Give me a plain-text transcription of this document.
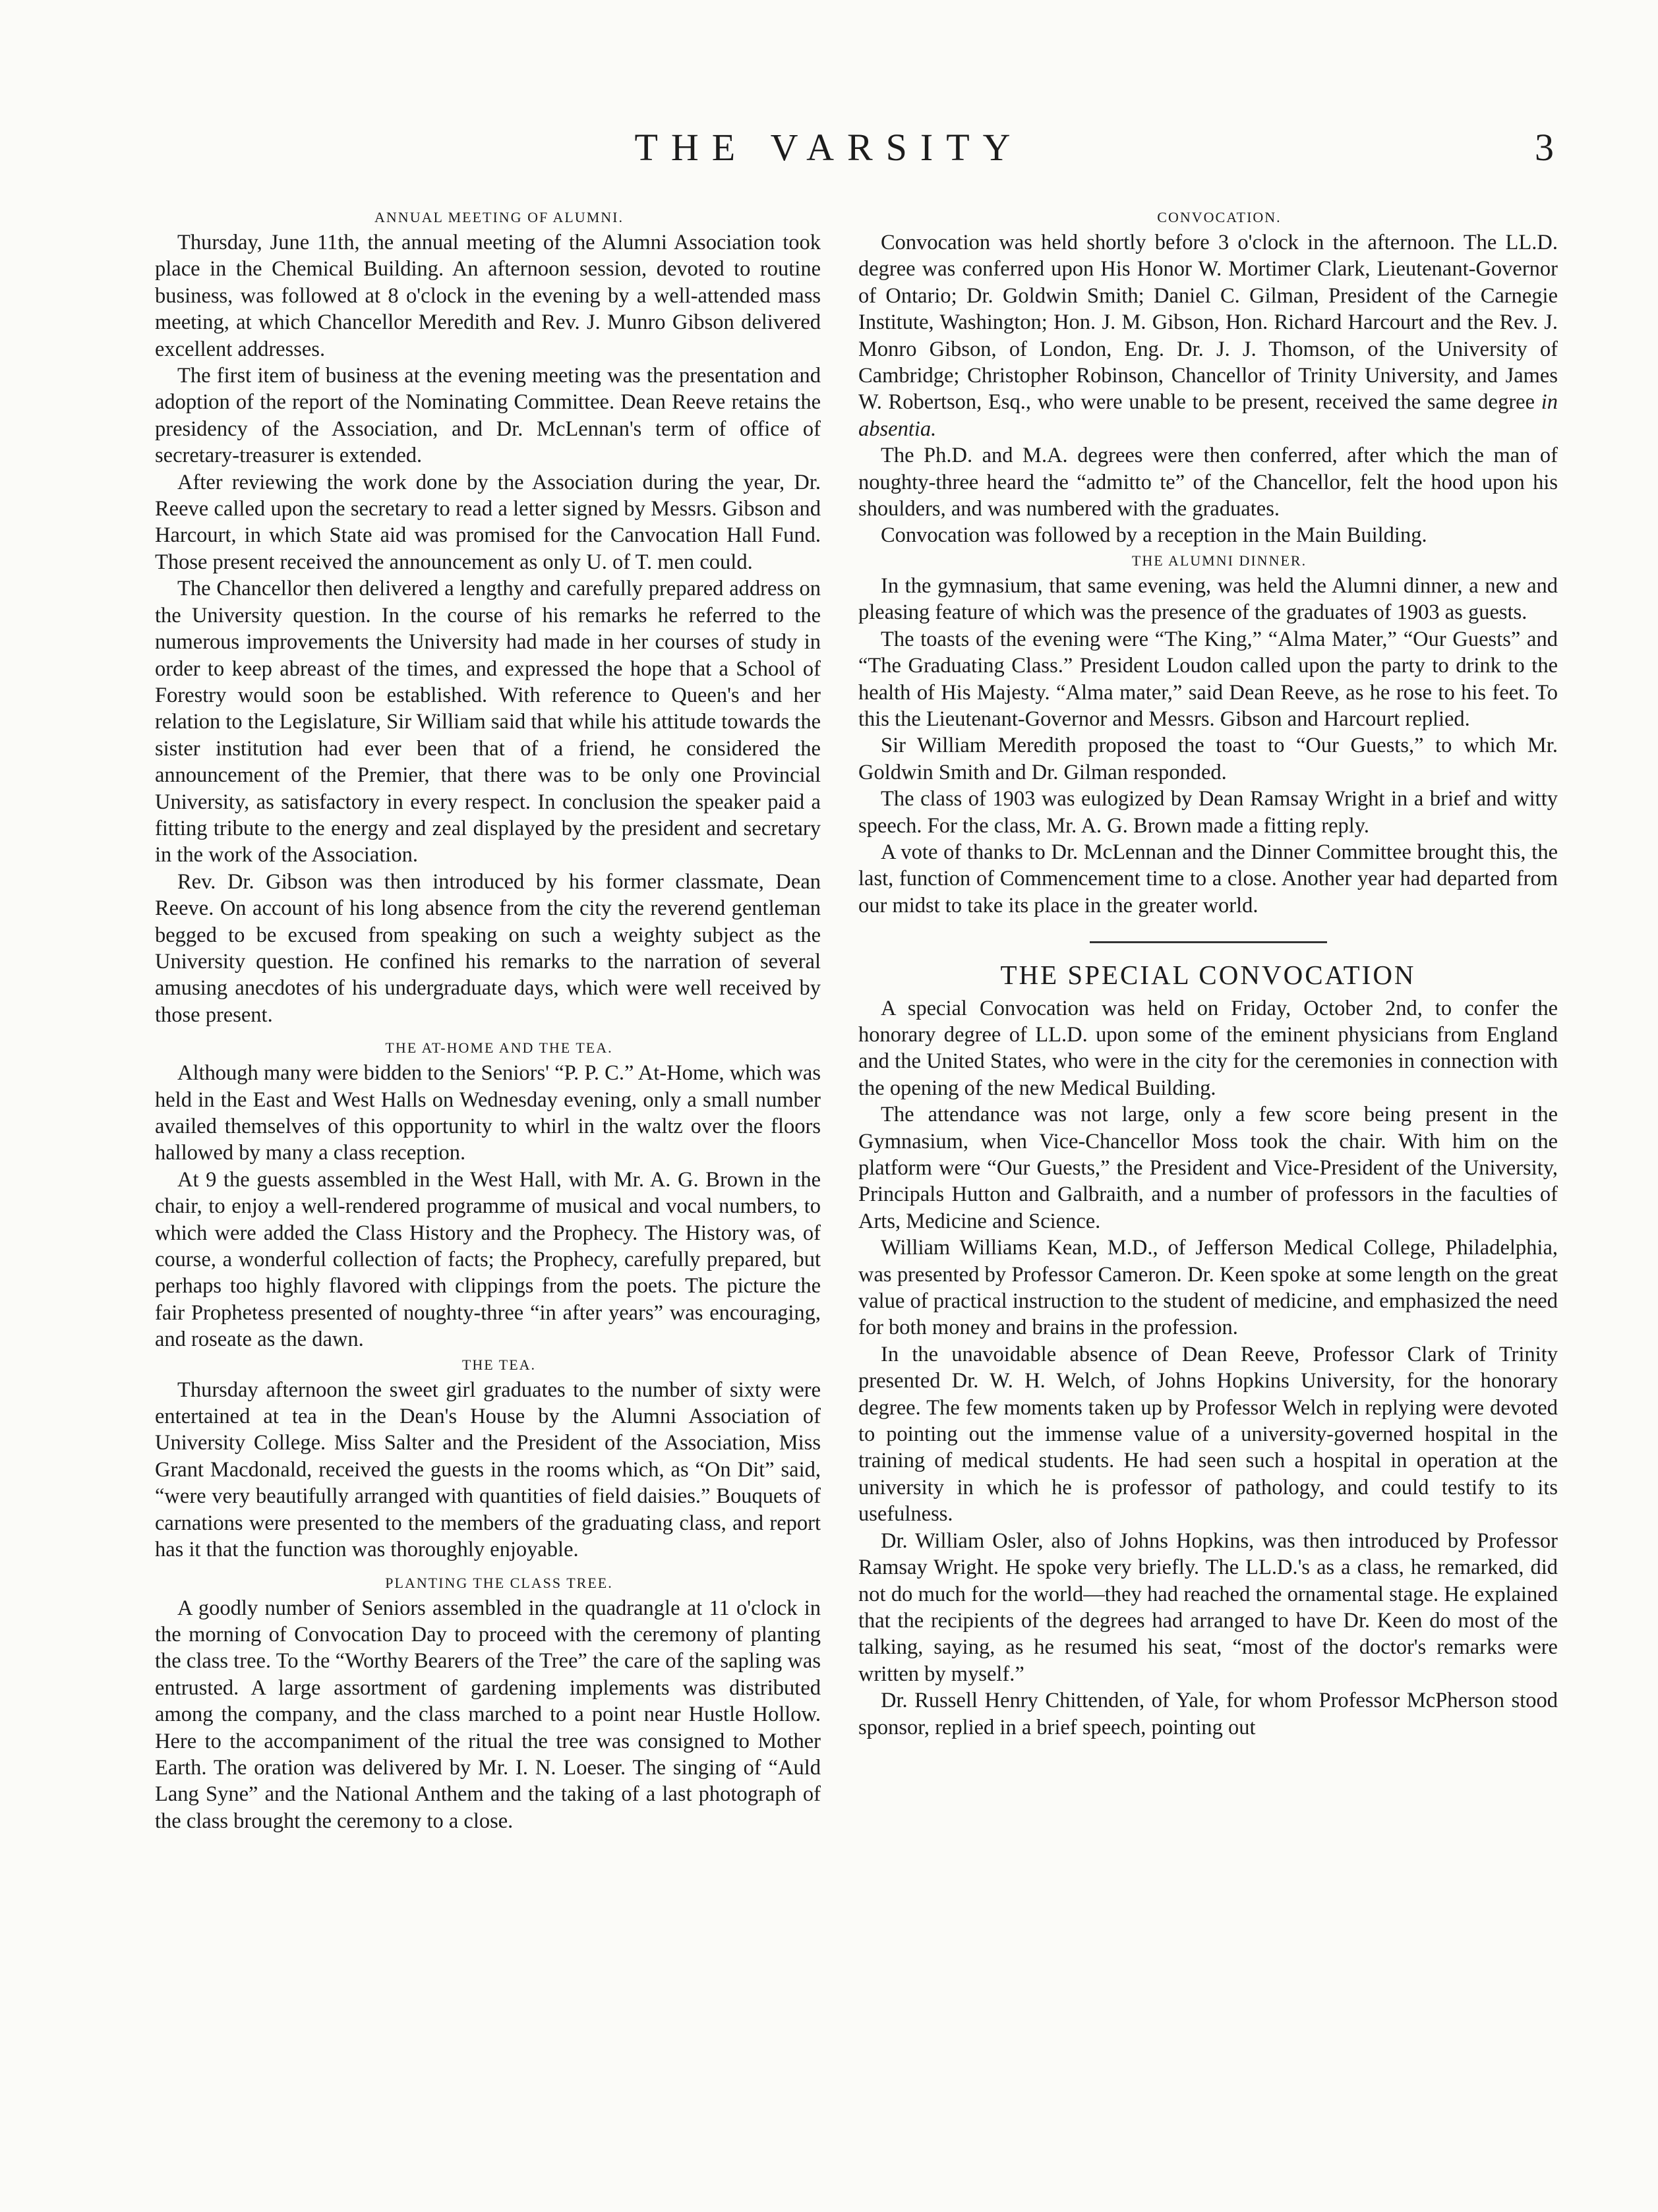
THE VARSITY	3

ANNUAL MEETING OF ALUMNI.

Thursday, June 11th, the annual meeting of the Alumni Association took place in the Chemical Building. An afternoon session, devoted to routine business, was followed at 8 o'clock in the evening by a well-attended mass meeting, at which Chancellor Meredith and Rev. J. Munro Gibson delivered excellent addresses.

The first item of business at the evening meeting was the presentation and adoption of the report of the Nominating Committee. Dean Reeve retains the presidency of the Association, and Dr. McLennan's term of office of secretary-treasurer is extended.

After reviewing the work done by the Association during the year, Dr. Reeve called upon the secretary to read a letter signed by Messrs. Gibson and Harcourt, in which State aid was promised for the Canvocation Hall Fund. Those present received the announcement as only U. of T. men could.

The Chancellor then delivered a lengthy and carefully prepared address on the University question. In the course of his remarks he referred to the numerous improvements the University had made in her courses of study in order to keep abreast of the times, and expressed the hope that a School of Forestry would soon be established. With reference to Queen's and her relation to the Legislature, Sir William said that while his attitude towards the sister institution had ever been that of a friend, he considered the announcement of the Premier, that there was to be only one Provincial University, as satisfactory in every respect. In conclusion the speaker paid a fitting tribute to the energy and zeal displayed by the president and secretary in the work of the Association.

Rev. Dr. Gibson was then introduced by his former classmate, Dean Reeve. On account of his long absence from the city the reverend gentleman begged to be excused from speaking on such a weighty subject as the University question. He confined his remarks to the narration of several amusing anecdotes of his undergraduate days, which were well received by those present.

THE AT-HOME AND THE TEA.

Although many were bidden to the Seniors' “P. P. C.” At-Home, which was held in the East and West Halls on Wednesday evening, only a small number availed themselves of this opportunity to whirl in the waltz over the floors hallowed by many a class reception.

At 9 the guests assembled in the West Hall, with Mr. A. G. Brown in the chair, to enjoy a well-rendered programme of musical and vocal numbers, to which were added the Class History and the Prophecy. The History was, of course, a wonderful collection of facts; the Prophecy, carefully prepared, but perhaps too highly flavored with clippings from the poets. The picture the fair Prophetess presented of noughty-three “in after years” was encouraging, and roseate as the dawn.

THE TEA.

Thursday afternoon the sweet girl graduates to the number of sixty were entertained at tea in the Dean's House by the Alumni Association of University College. Miss Salter and the President of the Association, Miss Grant Macdonald, received the guests in the rooms which, as “On Dit” said, “were very beautifully arranged with quantities of field daisies.” Bouquets of carnations were presented to the members of the graduating class, and report has it that the function was thoroughly enjoyable.

PLANTING THE CLASS TREE.

A goodly number of Seniors assembled in the quadrangle at 11 o'clock in the morning of Convocation Day to proceed with the ceremony of planting the class tree. To the “Worthy Bearers of the Tree” the care of the sapling was entrusted. A large assortment of gardening implements was distributed among the company, and the class marched to a point near Hustle Hollow. Here to the accompaniment of the ritual the tree was consigned to Mother Earth. The oration was delivered by Mr. I. N. Loeser. The singing of “Auld Lang Syne” and the National Anthem and the taking of a last photograph of the class brought the ceremony to a close.

CONVOCATION.

Convocation was held shortly before 3 o'clock in the afternoon. The LL.D. degree was conferred upon His Honor W. Mortimer Clark, Lieutenant-Governor of Ontario; Dr. Goldwin Smith; Daniel C. Gilman, President of the Carnegie Institute, Washington; Hon. J. M. Gibson, Hon. Richard Harcourt and the Rev. J. Monro Gibson, of London, Eng. Dr. J. J. Thomson, of the University of Cambridge; Christopher Robinson, Chancellor of Trinity University, and James W. Robertson, Esq., who were unable to be present, received the same degree in absentia.

The Ph.D. and M.A. degrees were then conferred, after which the man of noughty-three heard the “admitto te” of the Chancellor, felt the hood upon his shoulders, and was numbered with the graduates.

Convocation was followed by a reception in the Main Building.

THE ALUMNI DINNER.

In the gymnasium, that same evening, was held the Alumni dinner, a new and pleasing feature of which was the presence of the graduates of 1903 as guests.

The toasts of the evening were “The King,” “Alma Mater,” “Our Guests” and “The Graduating Class.” President Loudon called upon the party to drink to the health of His Majesty. “Alma mater,” said Dean Reeve, as he rose to his feet. To this the Lieutenant-Governor and Messrs. Gibson and Harcourt replied.

Sir William Meredith proposed the toast to “Our Guests,” to which Mr. Goldwin Smith and Dr. Gilman responded.

The class of 1903 was eulogized by Dean Ramsay Wright in a brief and witty speech. For the class, Mr. A. G. Brown made a fitting reply.

A vote of thanks to Dr. McLennan and the Dinner Committee brought this, the last, function of Commencement time to a close. Another year had departed from our midst to take its place in the greater world.

THE SPECIAL CONVOCATION

A special Convocation was held on Friday, October 2nd, to confer the honorary degree of LL.D. upon some of the eminent physicians from England and the United States, who were in the city for the ceremonies in connection with the opening of the new Medical Building.

The attendance was not large, only a few score being present in the Gymnasium, when Vice-Chancellor Moss took the chair. With him on the platform were “Our Guests,” the President and Vice-President of the University, Principals Hutton and Galbraith, and a number of professors in the faculties of Arts, Medicine and Science.

William Williams Kean, M.D., of Jefferson Medical College, Philadelphia, was presented by Professor Cameron. Dr. Keen spoke at some length on the great value of practical instruction to the student of medicine, and emphasized the need for both money and brains in the profession.

In the unavoidable absence of Dean Reeve, Professor Clark of Trinity presented Dr. W. H. Welch, of Johns Hopkins University, for the honorary degree. The few moments taken up by Professor Welch in replying were devoted to pointing out the immense value of a university-governed hospital in the training of medical students. He had seen such a hospital in operation at the university in which he is professor of pathology, and could testify to its usefulness.

Dr. William Osler, also of Johns Hopkins, was then introduced by Professor Ramsay Wright. He spoke very briefly. The LL.D.'s as a class, he remarked, did not do much for the world—they had reached the ornamental stage. He explained that the recipients of the degrees had arranged to have Dr. Keen do most of the talking, saying, as he resumed his seat, “most of the doctor's remarks were written by myself.”

Dr. Russell Henry Chittenden, of Yale, for whom Professor McPherson stood sponsor, replied in a brief speech, pointing out
